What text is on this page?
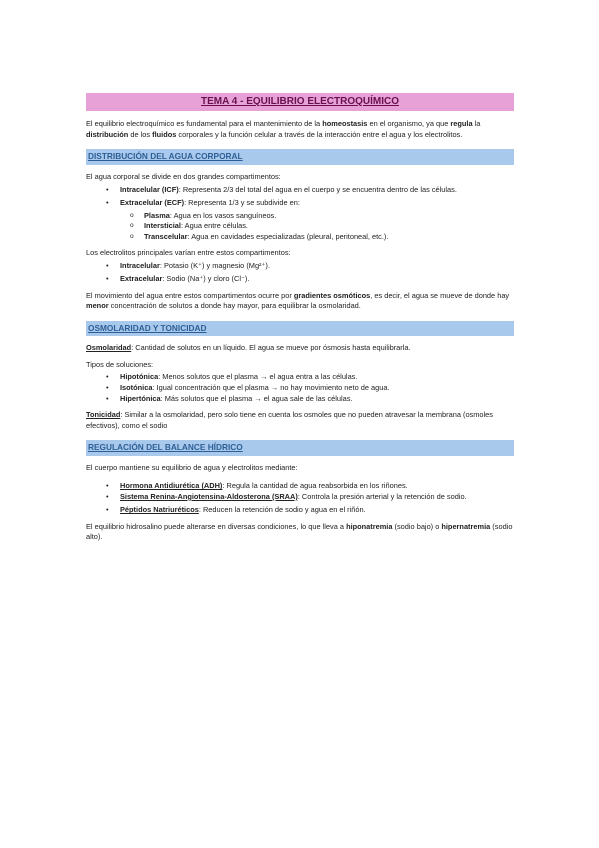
TEMA 4 - EQUILIBRIO ELECTROQUÍMICO

El equilibrio electroquímico es fundamental para el mantenimiento de la homeostasis en el organismo, ya que regula la distribución de los fluidos corporales y la función celular a través de la interacción entre el agua y los electrolitos.

DISTRIBUCIÓN DEL AGUA CORPORAL

El agua corporal se divide en dos grandes compartimentos:

• Intracelular (ICF): Representa 2/3 del total del agua en el cuerpo y se encuentra dentro de las células.
• Extracelular (ECF): Representa 1/3 y se subdivide en:
o Plasma: Agua en los vasos sanguíneos.
o Intersticial: Agua entre células.
o Transcelular: Agua en cavidades especializadas (pleural, peritoneal, etc.).

Los electrolitos principales varían entre estos compartimentos:

• Intracelular: Potasio (K⁺) y magnesio (Mg²⁺).
• Extracelular: Sodio (Na⁺) y cloro (Cl⁻).

El movimiento del agua entre estos compartimentos ocurre por gradientes osmóticos, es decir, el agua se mueve de donde hay menor concentración de solutos a donde hay mayor, para equilibrar la osmolaridad.

OSMOLARIDAD Y TONICIDAD

Osmolaridad: Cantidad de solutos en un líquido. El agua se mueve por ósmosis hasta equilibrarla.

Tipos de soluciones:

• Hipotónica: Menos solutos que el plasma → el agua entra a las células.
• Isotónica: Igual concentración que el plasma → no hay movimiento neto de agua.
• Hipertónica: Más solutos que el plasma → el agua sale de las células.

Tonicidad: Similar a la osmolaridad, pero solo tiene en cuenta los osmoles que no pueden atravesar la membrana (osmoles efectivos), como el sodio

REGULACIÓN DEL BALANCE HÍDRICO

El cuerpo mantiene su equilibrio de agua y electrolitos mediante:

• Hormona Antidiurética (ADH): Regula la cantidad de agua reabsorbida en los riñones.
• Sistema Renina-Angiotensina-Aldosterona (SRAA): Controla la presión arterial y la retención de sodio.
• Péptidos Natriuréticos: Reducen la retención de sodio y agua en el riñón.

El equilibrio hidrosalino puede alterarse en diversas condiciones, lo que lleva a hiponatremia (sodio bajo) o hipernatremia (sodio alto).
